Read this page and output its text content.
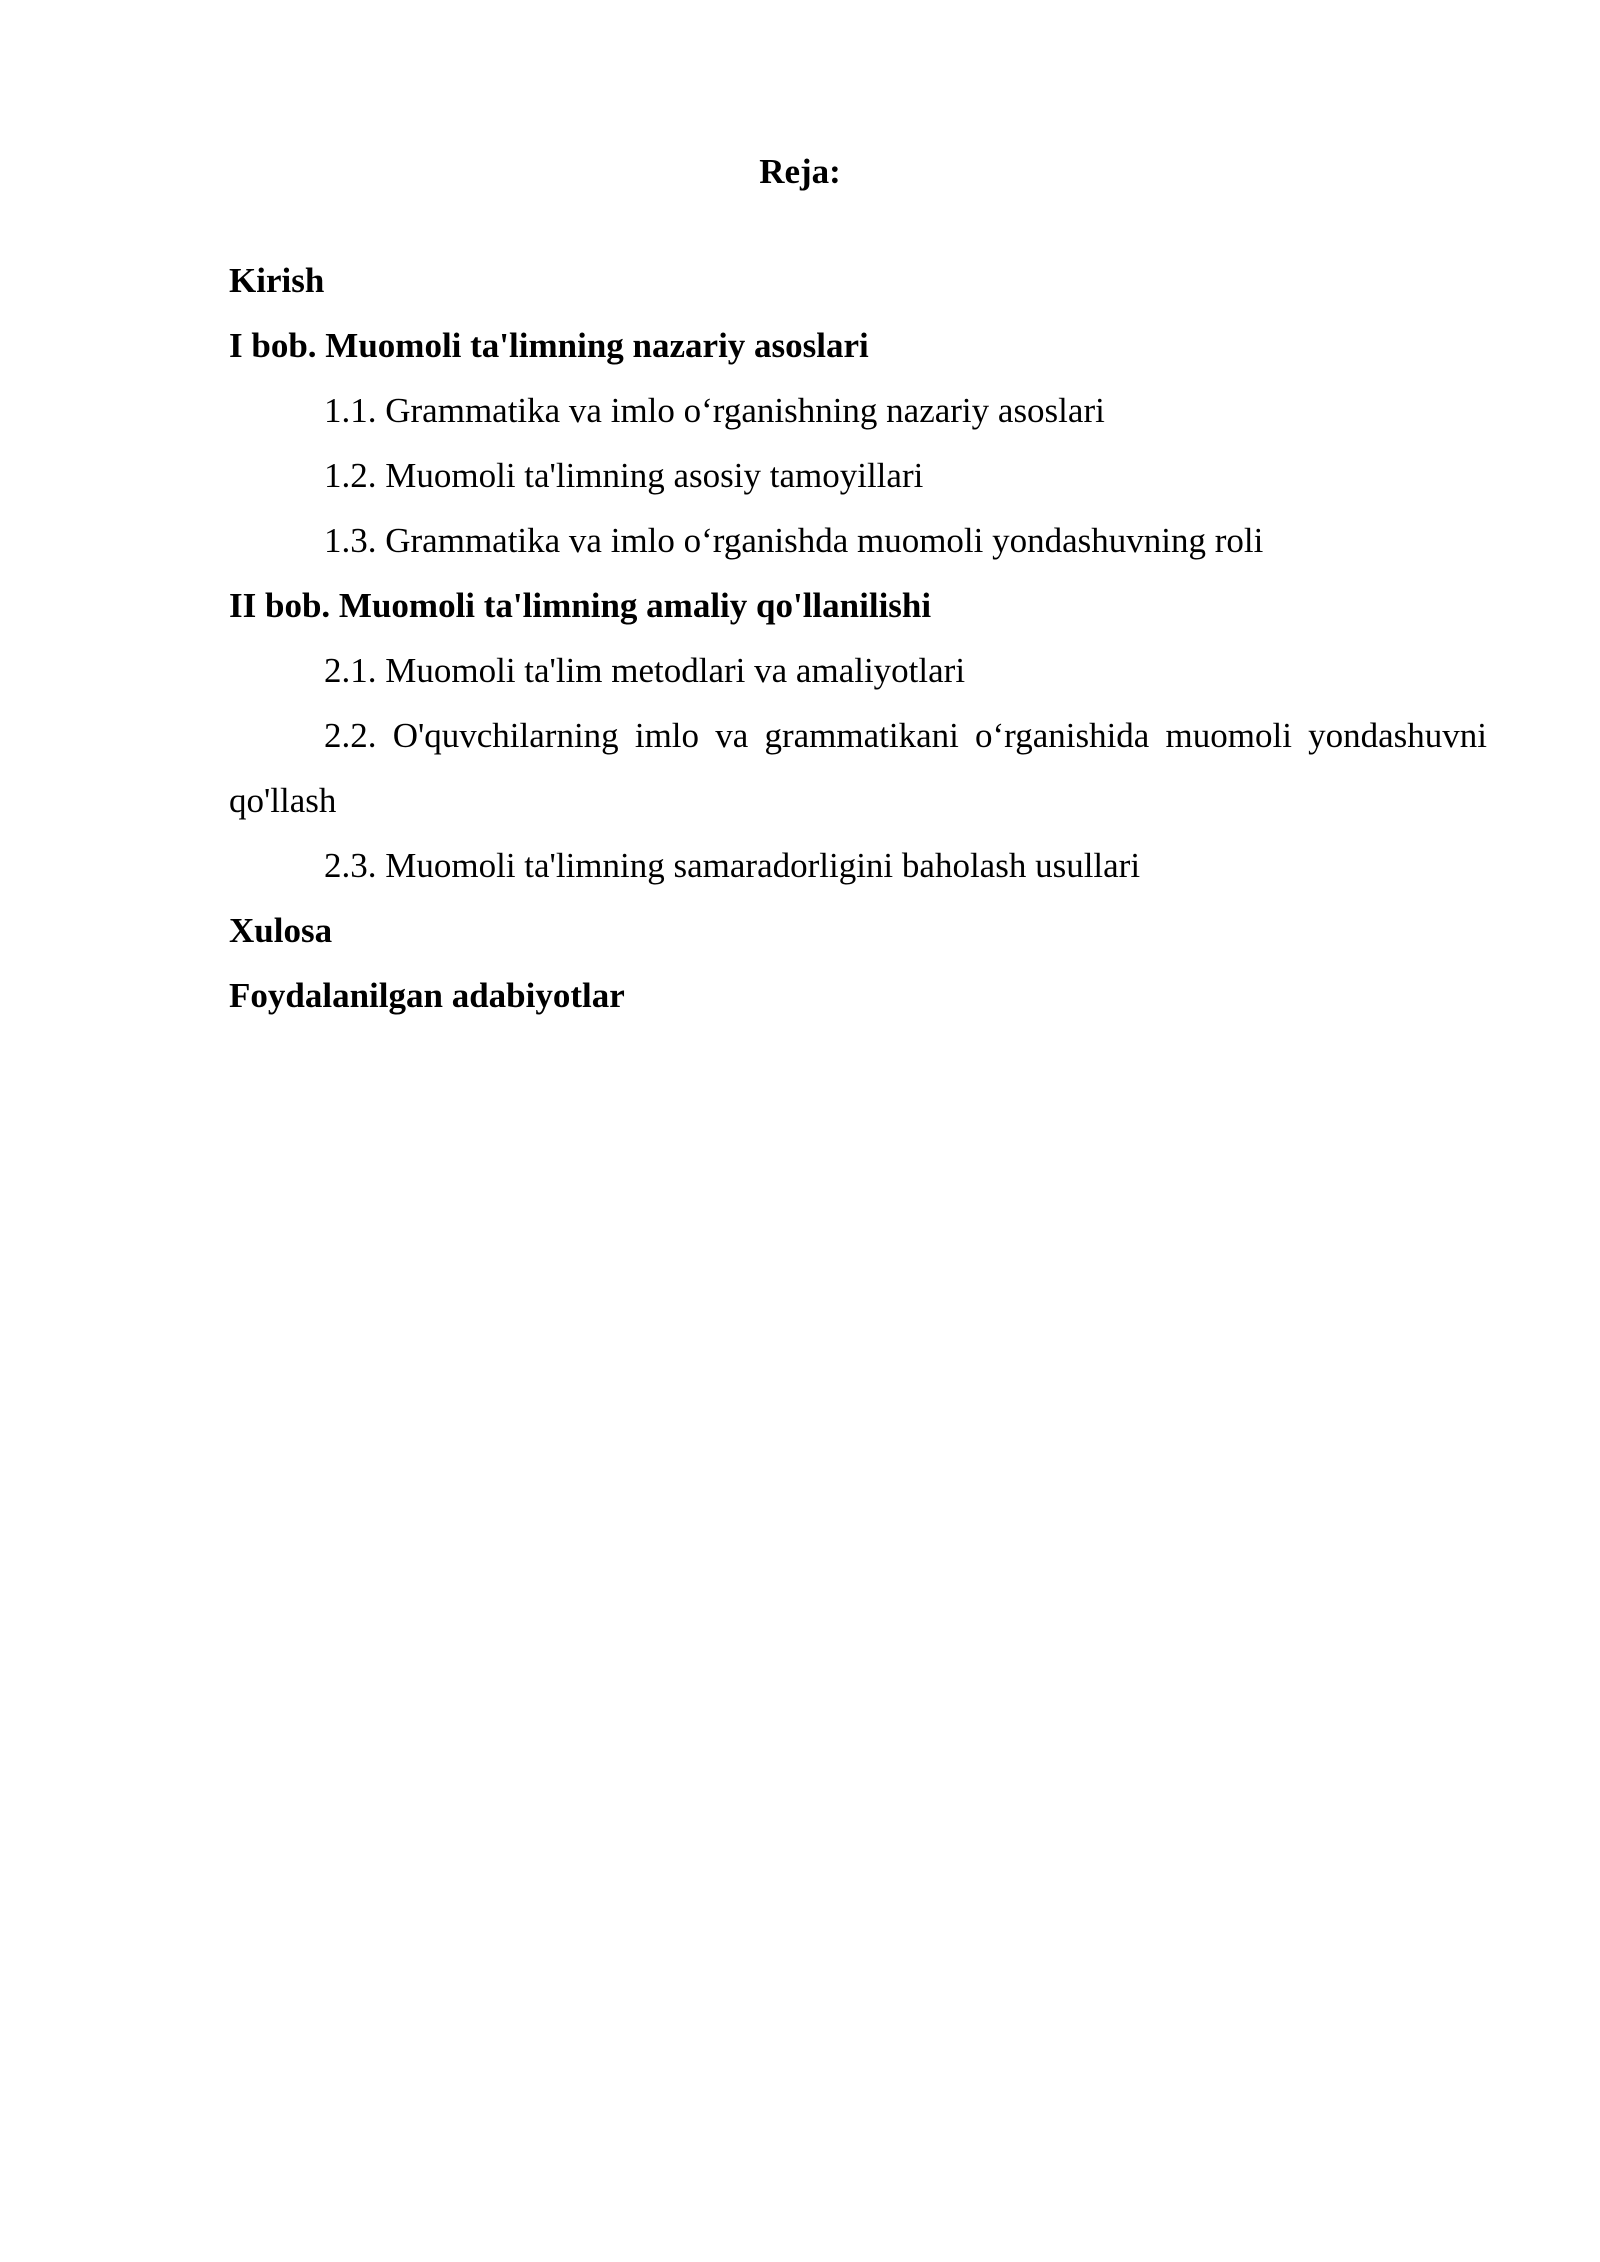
Reja:

Kirish

I bob. Muomoli ta'limning nazariy asoslari

1.1. Grammatika va imlo o‘rganishning nazariy asoslari

1.2. Muomoli ta'limning asosiy tamoyillari

1.3. Grammatika va imlo o‘rganishda muomoli yondashuvning roli

II bob. Muomoli ta'limning amaliy qo'llanilishi

2.1. Muomoli ta'lim metodlari va amaliyotlari

2.2. O'quvchilarning imlo va grammatikani o‘rganishida muomoli yondashuvni qo'llash

2.3. Muomoli ta'limning samaradorligini baholash usullari

Xulosa

Foydalanilgan adabiyotlar
